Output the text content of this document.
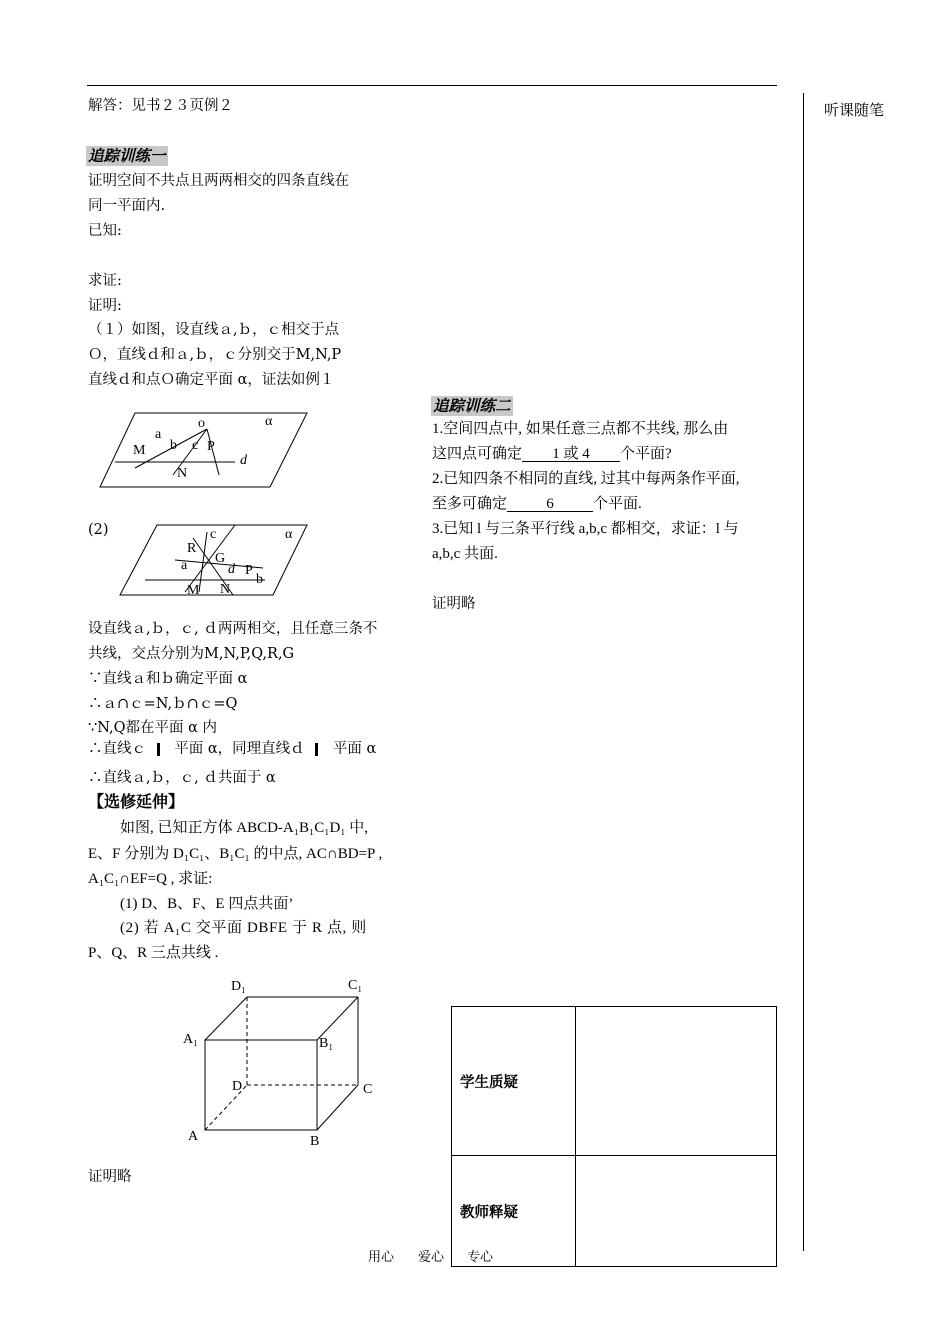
听课随笔
解答：见书２３页例２
追踪训练一
证明空间不共点且两两相交的四条直线在
同一平面内.
已知:
求证:
证明:
（１）如图，设直线ａ,ｂ，ｃ相交于点
Ｏ，直线ｄ和ａ,ｂ，ｃ分别交于M,N,P
直线ｄ和点Ｏ确定平面 α，证法如例１
α
o
a
b c
M	P
N
d
(2)	c	α
R
G
a	d P
b
M N
设直线ａ,ｂ，ｃ, ｄ两两相交，且任意三条不
共线，交点分别为M,N,P,Q,R,G
∵直线ａ和ｂ确定平面 α
∴ａ∩ｃ=N,ｂ∩ｃ=Q
∵N,Q都在平面 α 内
∴直线ｃ 平面 α，同理直线ｄ 平面 α
∴直线ａ,ｂ，ｃ, ｄ共面于 α
【选修延伸】
如图, 已知正方体 ABCD-A₁B₁C₁D₁ 中,
E、F 分别为 D₁C₁、B₁C₁ 的中点, AC∩BD=P ,
A₁C₁∩EF=Q , 求证:
(1) D、B、F、E 四点共面’
(2) 若 A₁C 交平面 DBFE 于 R 点, 则
P、Q、R 三点共线 .
D₁	C₁
A₁	B₁
D	C
A	B
证明略
追踪训练二
1.空间四点中, 如果任意三点都不共线, 那么由
这四点可确定 1 或 4 个平面?
2.已知四条不相同的直线, 过其中每两条作平面,
至多可确定	6	个平面.
3.已知 l 与三条平行线 a,b,c 都相交，求证：l 与
a,b,c 共面.
证明略
学生质疑	
教师释疑	
用心 爱心 专心
